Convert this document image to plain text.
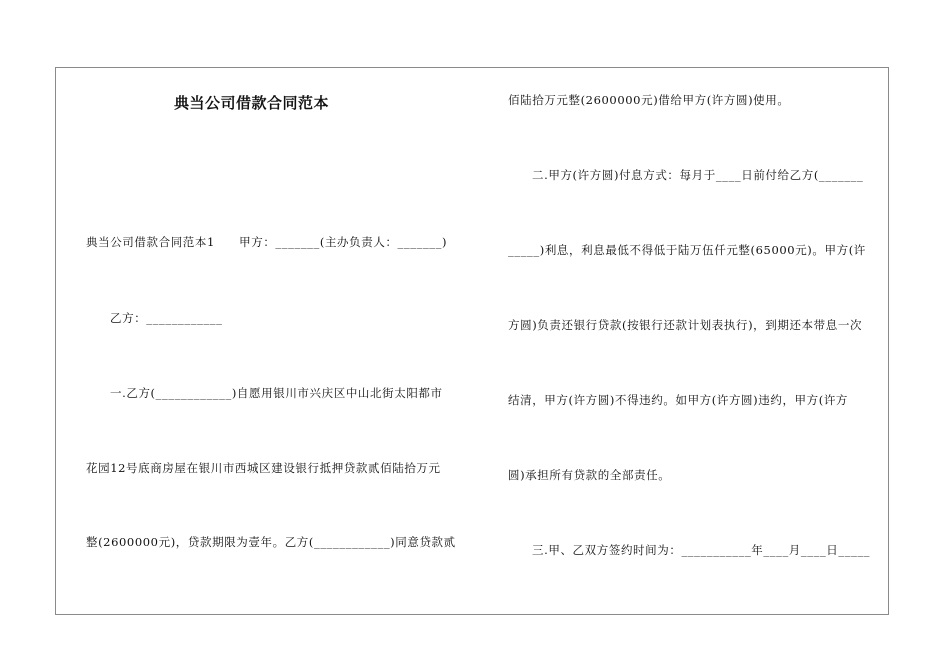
典当公司借款合同范本
典当公司借款合同范本1　　甲方：_______(主办负责人：_______)
乙方：____________
一.乙方(____________)自愿用银川市兴庆区中山北街太阳都市
花园12号底商房屋在银川市西城区建设银行抵押贷款贰佰陆拾万元
整(2600000元)，贷款期限为壹年。乙方(____________)同意贷款贰
佰陆拾万元整(2600000元)借给甲方(许方圆)使用。
二.甲方(许方圆)付息方式：每月于____日前付给乙方(_______
_____)利息，利息最低不得低于陆万伍仟元整(65000元)。甲方(许
方圆)负责还银行贷款(按银行还款计划表执行)，到期还本带息一次
结清，甲方(许方圆)不得违约。如甲方(许方圆)违约，甲方(许方
圆)承担所有贷款的全部责任。
三.甲、乙双方签约时间为：___________年____月____日_____
